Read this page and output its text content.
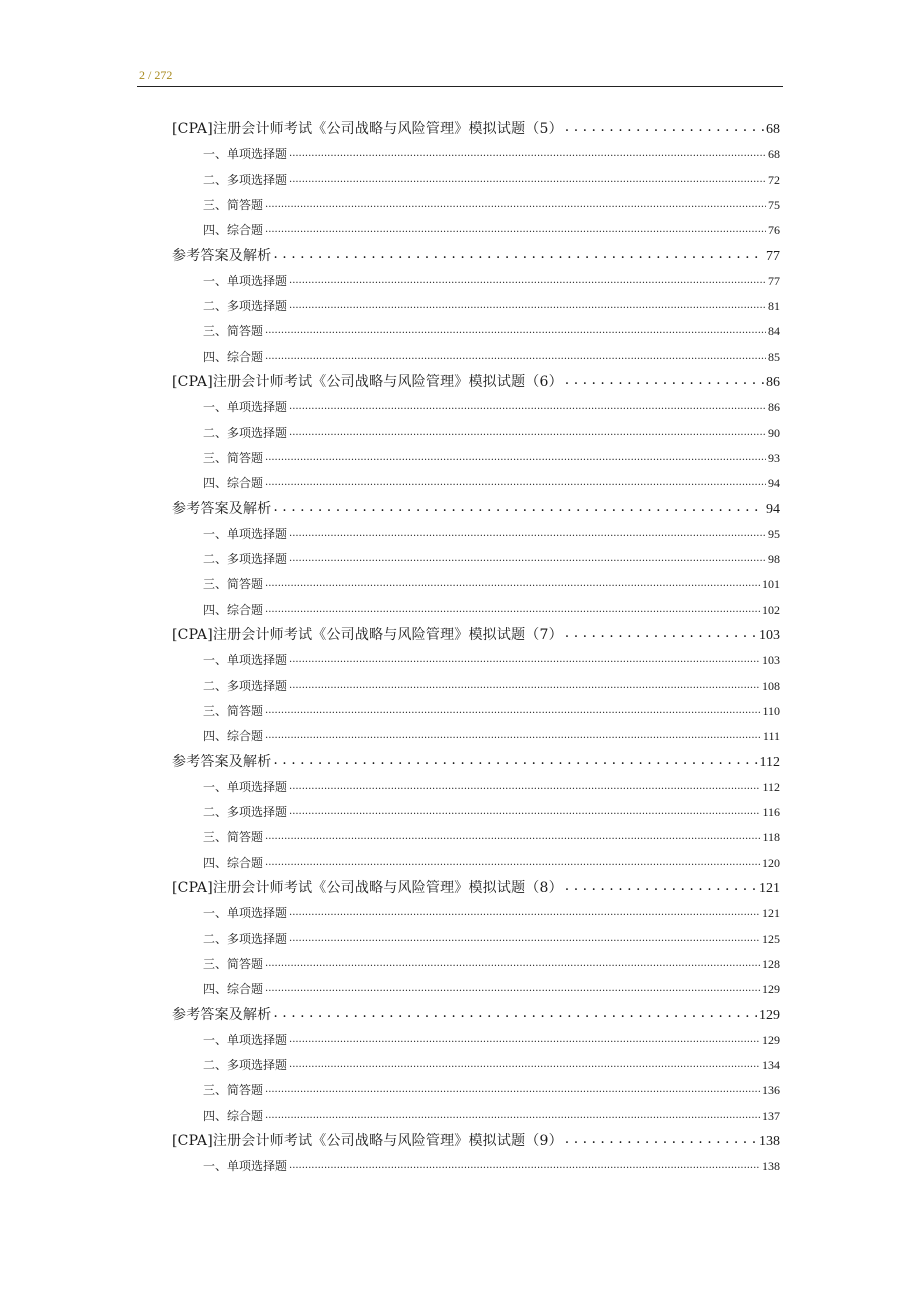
2 / 272
[CPA]注册会计师考试《公司战略与风险管理》模拟试题（5） . . .	68
一、单项选择题 .....	68
二、多项选择题 .....	72
三、简答题 .....	75
四、综合题 .....	76
参考答案及解析 . . .	77
一、单项选择题 .....	77
二、多项选择题 .....	81
三、简答题 .....	84
四、综合题 .....	85
[CPA]注册会计师考试《公司战略与风险管理》模拟试题（6） . . .	86
一、单项选择题 .....	86
二、多项选择题 .....	90
三、简答题 .....	93
四、综合题 .....	94
参考答案及解析 . . .	94
一、单项选择题 .....	95
二、多项选择题 .....	98
三、简答题 .....	101
四、综合题 .....	102
[CPA]注册会计师考试《公司战略与风险管理》模拟试题（7） . . .	103
一、单项选择题 .....	103
二、多项选择题 .....	108
三、简答题 .....	110
四、综合题 .....	111
参考答案及解析 . . .	112
一、单项选择题 .....	112
二、多项选择题 .....	116
三、简答题 .....	118
四、综合题 .....	120
[CPA]注册会计师考试《公司战略与风险管理》模拟试题（8） . . .	121
一、单项选择题 .....	121
二、多项选择题 .....	125
三、简答题 .....	128
四、综合题 .....	129
参考答案及解析 . . .	129
一、单项选择题 .....	129
二、多项选择题 .....	134
三、简答题 .....	136
四、综合题 .....	137
[CPA]注册会计师考试《公司战略与风险管理》模拟试题（9） . . .	138
一、单项选择题 .....	138
